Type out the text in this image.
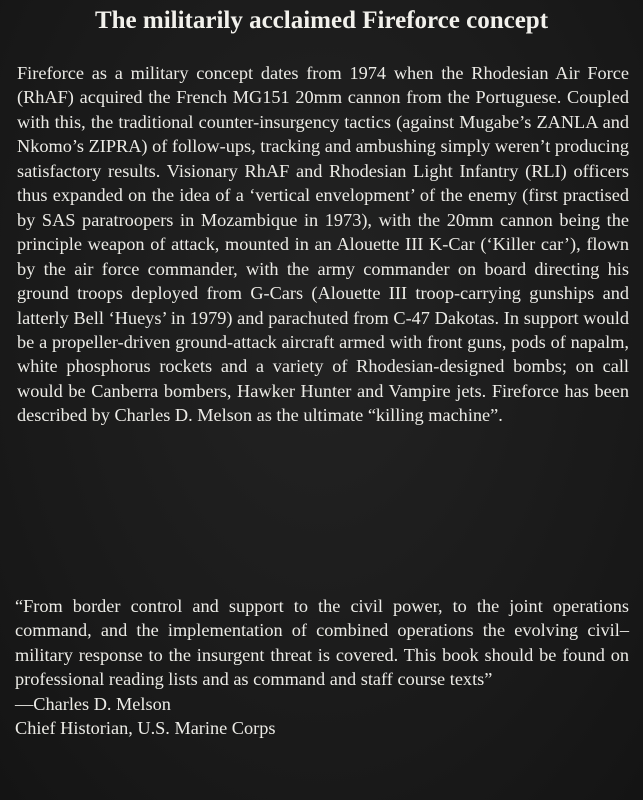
The militarily acclaimed Fireforce concept

Fireforce as a military concept dates from 1974 when the Rhodesian Air Force (RhAF) acquired the French MG151 20mm cannon from the Portuguese. Coupled with this, the traditional counter-insurgency tactics (against Mugabe’s ZANLA and Nkomo’s ZIPRA) of follow-ups, tracking and ambushing simply weren’t producing satisfactory results. Visionary RhAF and Rhodesian Light Infantry (RLI) officers thus expanded on the idea of a ‘vertical envelopment’ of the enemy (first practised by SAS paratroopers in Mozambique in 1973), with the 20mm cannon being the principle weapon of attack, mounted in an Alouette III K-Car (‘Killer car’), flown by the air force commander, with the army commander on board directing his ground troops deployed from G-Cars (Alouette III troop-carrying gunships and latterly Bell ‘Hueys’ in 1979) and parachuted from C-47 Dakotas. In support would be a propeller-driven ground-attack aircraft armed with front guns, pods of napalm, white phosphorus rockets and a variety of Rhodesian-designed bombs; on call would be Canberra bombers, Hawker Hunter and Vampire jets. Fireforce has been described by Charles D. Melson as the ultimate “killing machine”.

“From border control and support to the civil power, to the joint operations command, and the implementation of combined operations the evolving civil–military response to the insurgent threat is covered. This book should be found on professional reading lists and as command and staff course texts”

—Charles D. Melson

Chief Historian, U.S. Marine Corps
